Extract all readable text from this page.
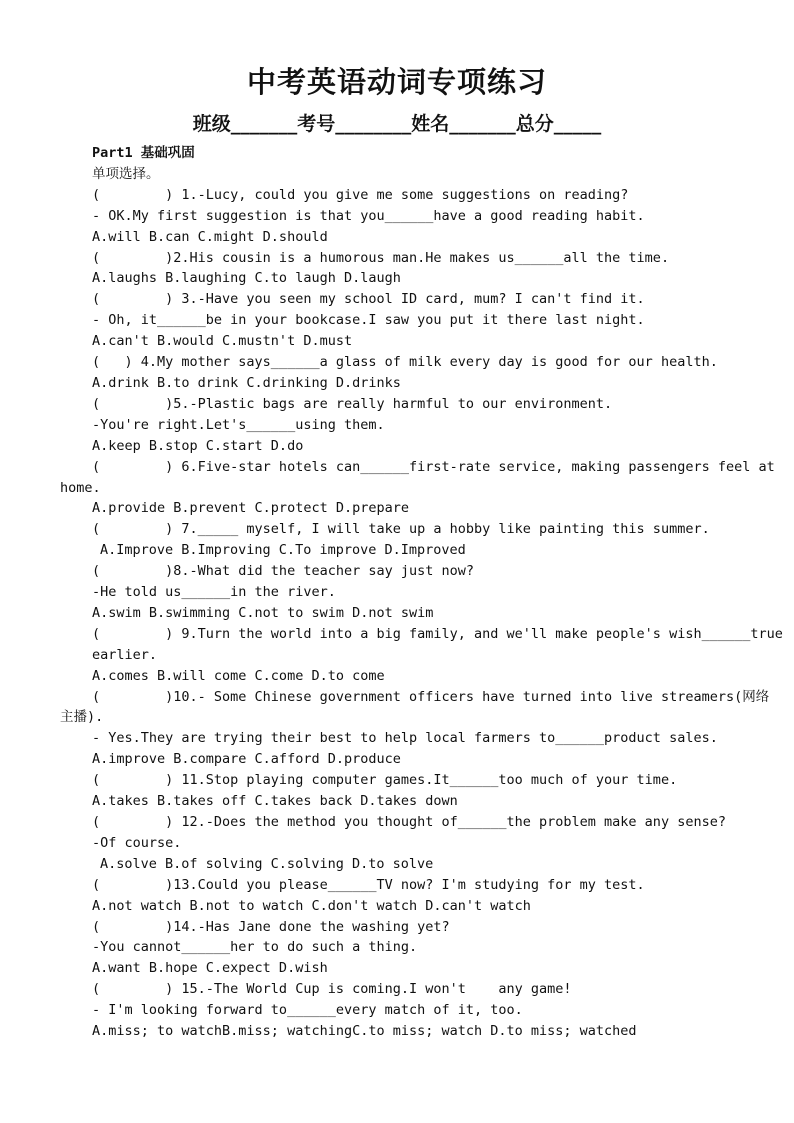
中考英语动词专项练习
班级_______考号________姓名_______总分_____
Part1 基础巩固
单项选择。
(        ) 1.-Lucy, could you give me some suggestions on reading?
- OK.My first suggestion is that you______have a good reading habit.
A.will B.can C.might D.should
(        )2.His cousin is a humorous man.He makes us______all the time.
A.laughs B.laughing C.to laugh D.laugh
(        ) 3.-Have you seen my school ID card, mum? I can't find it.
- Oh, it______be in your bookcase.I saw you put it there last night.
A.can't B.would C.mustn't D.must
(   ) 4.My mother says______a glass of milk every day is good for our health.
A.drink B.to drink C.drinking D.drinks
(        )5.-Plastic bags are really harmful to our environment.
-You're right.Let's______using them.
A.keep B.stop C.start D.do
(        ) 6.Five-star hotels can______first-rate service, making passengers feel at
home.
A.provide B.prevent C.protect D.prepare
(        ) 7._____ myself, I will take up a hobby like painting this summer.
A.Improve B.Improving C.To improve D.Improved
(        )8.-What did the teacher say just now?
-He told us______in the river.
A.swim B.swimming C.not to swim D.not swim
(        ) 9.Turn the world into a big family, and we'll make people's wish______true
earlier.
A.comes B.will come C.come D.to come
(        )10.- Some Chinese government officers have turned into live streamers(网络
主播).
- Yes.They are trying their best to help local farmers to______product sales.
A.improve B.compare C.afford D.produce
(        ) 11.Stop playing computer games.It______too much of your time.
A.takes B.takes off C.takes back D.takes down
(        ) 12.-Does the method you thought of______the problem make any sense?
-Of course.
A.solve B.of solving C.solving D.to solve
(        )13.Could you please______TV now? I'm studying for my test.
A.not watch B.not to watch C.don't watch D.can't watch
(        )14.-Has Jane done the washing yet?
-You cannot______her to do such a thing.
A.want B.hope C.expect D.wish
(        ) 15.-The World Cup is coming.I won't    any game!
- I'm looking forward to______every match of it, too.
A.miss; to watchB.miss; watchingC.to miss; watch D.to miss; watched
